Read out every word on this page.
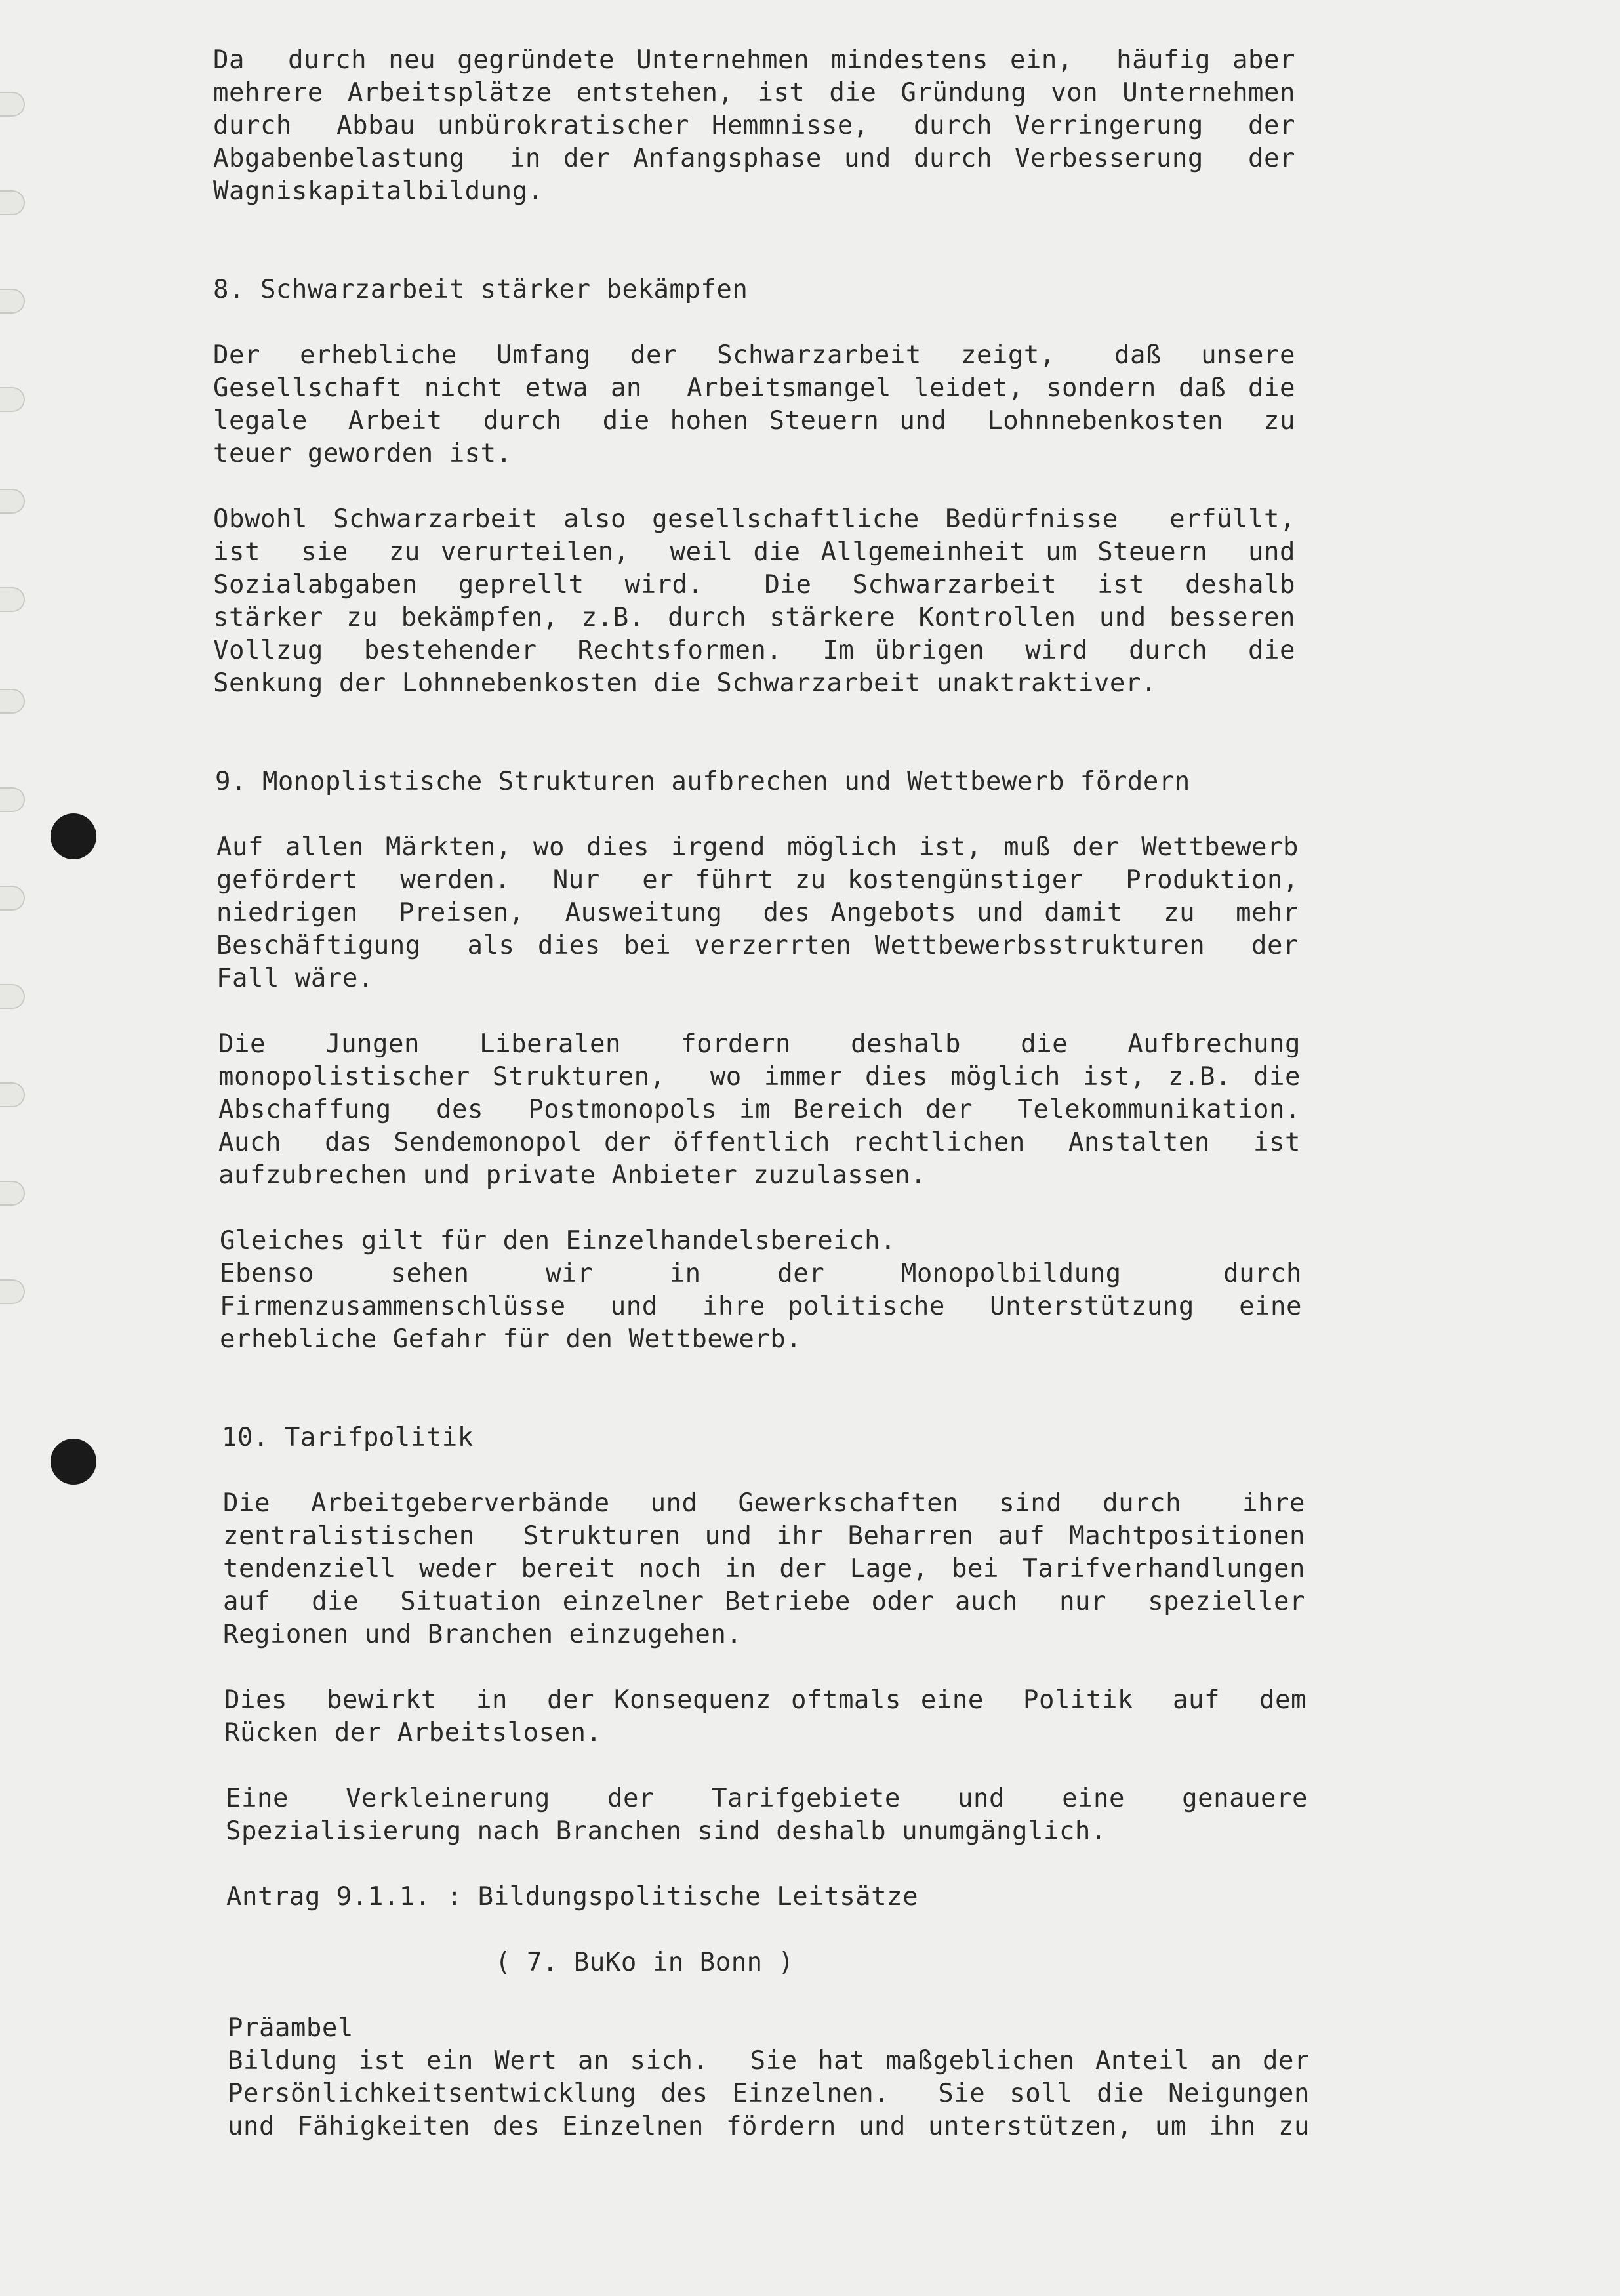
Da  durch neu gegründete Unternehmen mindestens ein,  häufig aber
mehrere Arbeitsplätze entstehen, ist die Gründung von Unternehmen
durch  Abbau unbürokratischer Hemmnisse,  durch Verringerung  der
Abgabenbelastung  in der Anfangsphase und durch Verbesserung  der
Wagniskapitalbildung.
8. Schwarzarbeit stärker bekämpfen
Der  erhebliche  Umfang  der  Schwarzarbeit  zeigt,   daß  unsere
Gesellschaft nicht etwa an  Arbeitsmangel leidet, sondern daß die
legale  Arbeit  durch  die hohen Steuern und  Lohnnebenkosten  zu
teuer geworden ist.
Obwohl Schwarzarbeit also gesellschaftliche Bedürfnisse  erfüllt,
ist  sie  zu verurteilen,  weil die Allgemeinheit um Steuern  und
Sozialabgaben  geprellt  wird.   Die  Schwarzarbeit  ist  deshalb
stärker zu bekämpfen, z.B. durch stärkere Kontrollen und besseren
Vollzug  bestehender  Rechtsformen.  Im übrigen  wird  durch  die
Senkung der Lohnnebenkosten die Schwarzarbeit unaktraktiver.
9. Monoplistische Strukturen aufbrechen und Wettbewerb fördern
Auf allen Märkten, wo dies irgend möglich ist, muß der Wettbewerb
gefördert  werden.  Nur  er führt zu kostengünstiger  Produktion,
niedrigen  Preisen,  Ausweitung  des Angebots und damit  zu  mehr
Beschäftigung  als dies bei verzerrten Wettbewerbsstrukturen  der
Fall wäre.
Die   Jungen   Liberalen   fordern   deshalb   die   Aufbrechung
monopolistischer Strukturen,  wo immer dies möglich ist, z.B. die
Abschaffung  des  Postmonopols im Bereich der  Telekommunikation.
Auch  das Sendemonopol der öffentlich rechtlichen  Anstalten  ist
aufzubrechen und private Anbieter zuzulassen.
Gleiches gilt für den Einzelhandelsbereich.
Ebenso   sehen   wir   in   der   Monopolbildung    durch
Firmenzusammenschlüsse  und  ihre politische  Unterstützung  eine
erhebliche Gefahr für den Wettbewerb.
10. Tarifpolitik
Die  Arbeitgeberverbände  und  Gewerkschaften  sind  durch   ihre
zentralistischen  Strukturen und ihr Beharren auf Machtpositionen
tendenziell weder bereit noch in der Lage, bei Tarifverhandlungen
auf  die  Situation einzelner Betriebe oder auch  nur  spezieller
Regionen und Branchen einzugehen.
Dies  bewirkt  in  der Konsequenz oftmals eine  Politik  auf  dem
Rücken der Arbeitslosen.
Eine  Verkleinerung  der  Tarifgebiete  und  eine  genauere
Spezialisierung nach Branchen sind deshalb unumgänglich.
Antrag 9.1.1. : Bildungspolitische Leitsätze
( 7. BuKo in Bonn )
Präambel
Bildung ist ein Wert an sich.  Sie hat maßgeblichen Anteil an der
Persönlichkeitsentwicklung des Einzelnen.  Sie soll die Neigungen
und Fähigkeiten des Einzelnen fördern und unterstützen, um ihn zu
